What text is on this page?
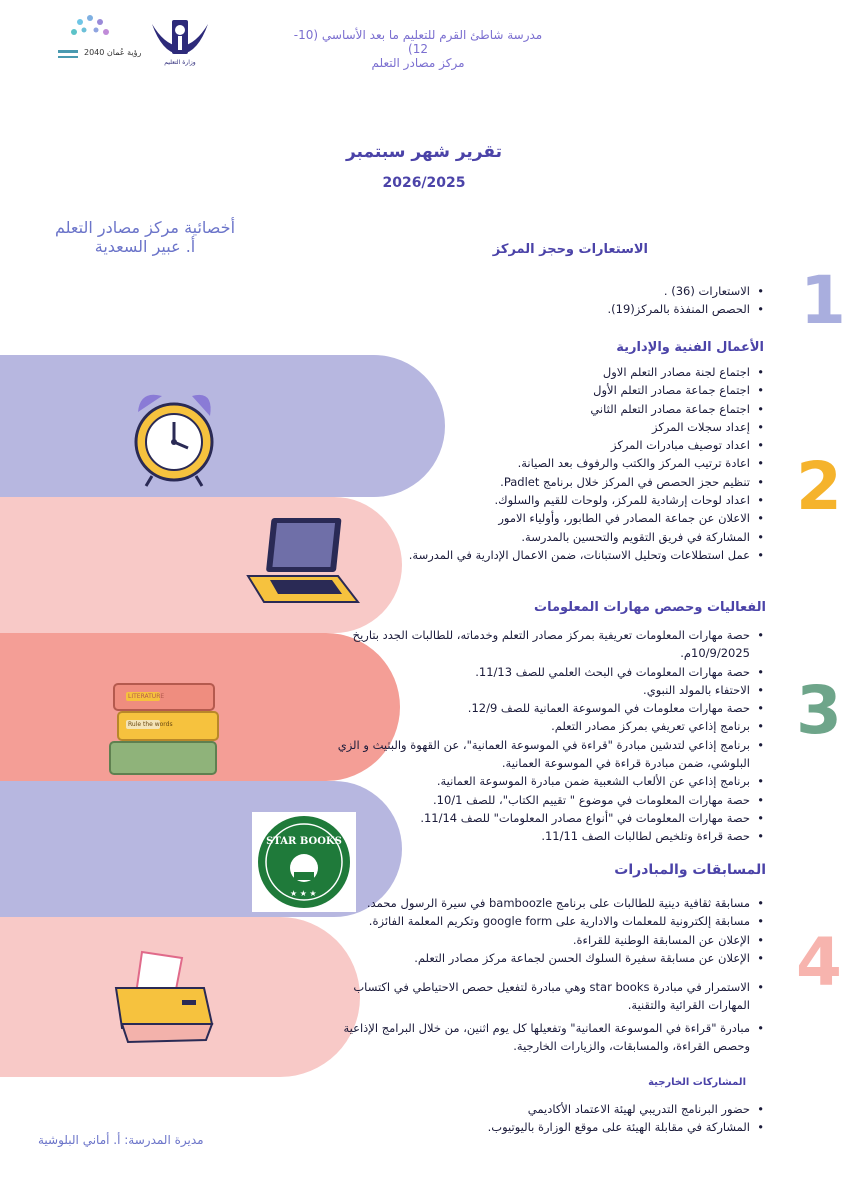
رؤية عُمان 2040
وزارة التعليم
مدرسة شاطئ القرم للتعليم ما بعد الأساسي (10-12)
مركز مصادر التعلم
تقرير شهر سبتمبر
2026/2025
أخصائية مركز مصادر التعلم
أ. عبير السعدية
1
2
3
4
الاستعارات وحجز المركز
• الاستعارات (36) .
• الحصص المنفذة بالمركز(19).
الأعمال الفنية والإدارية
• اجتماع لجنة مصادر التعلم الاول
• اجتماع جماعة مصادر التعلم الأول
• اجتماع جماعة مصادر التعلم الثاني
• إعداد سجلات المركز
• اعداد توصيف مبادرات المركز
• اعادة ترتيب المركز والكتب والرفوف بعد الصيانة.
• تنظيم حجز الحصص في المركز خلال برنامج Padlet.
• اعداد لوحات إرشادية للمركز، ولوحات للقيم والسلوك.
• الاعلان عن جماعة المصادر في الطابور، وأولياء الامور
• المشاركة في فريق التقويم والتحسين بالمدرسة.
• عمل استطلاعات وتحليل الاستبانات، ضمن الاعمال الإدارية في المدرسة.
الفعاليات وحصص مهارات المعلومات
• حصة مهارات المعلومات تعريفية بمركز مصادر التعلم وخدماته، للطالبات الجدد بتاريخ 10/9/2025م.
• حصة مهارات المعلومات في البحث العلمي للصف 11/13.
• الاحتفاء بالمولد النبوي.
• حصة مهارات معلومات في الموسوعة العمانية للصف 12/9.
• برنامج إذاعي تعريفي بمركز مصادر التعلم.
• برنامج إذاعي لتدشين مبادرة "قراءة في الموسوعة العمانية"، عن القهوة والبثيث و الزي البلوشي، ضمن مبادرة قراءة في الموسوعة العمانية.
• برنامج إذاعي عن الألعاب الشعبية ضمن مبادرة الموسوعة العمانية.
• حصة مهارات المعلومات في موضوع " تقييم الكتاب"، للصف 10/1.
• حصة مهارات المعلومات في "أنواع مصادر المعلومات" للصف 11/14.
• حصة قراءة وتلخيص لطالبات الصف 11/11.
المسابقات والمبادرات
• مسابقة ثقافية دينية للطالبات على برنامج bamboozle في سيرة الرسول محمد.
• مسابقة إلكترونية للمعلمات والادارية على google form وتكريم المعلمة الفائزة.
• الإعلان عن المسابقة الوطنية للقراءة.
• الإعلان عن مسابقة سفيرة السلوك الحسن لجماعة مركز مصادر التعلم.
• الاستمرار في مبادرة star books وهي مبادرة لتفعيل حصص الاحتياطي في اكتساب المهارات القرائية والتقنية.
• مبادرة "قراءة في الموسوعة العمانية" وتفعيلها كل يوم اثنين، من خلال البرامج الإذاعية وحصص القراءة، والمسابقات، والزيارات الخارجية.
المشاركات الخارجية
• حضور البرنامج التدريبي لهيئة الاعتماد الأكاديمي
• المشاركة في مقابلة الهيئة على موقع الوزارة باليوتيوب.
LITERATURE
Rule the words
★ ★ ★
STAR BOOKS
مديرة المدرسة: أ. أماني البلوشية
